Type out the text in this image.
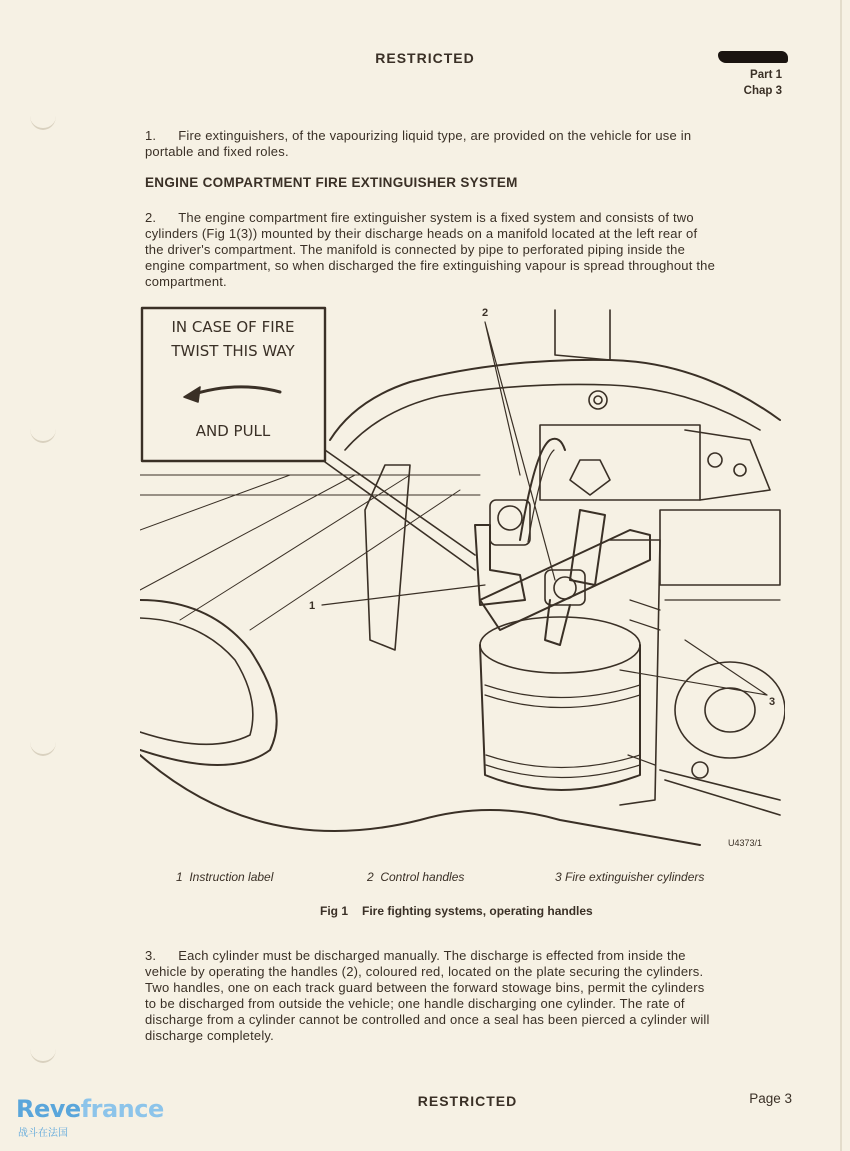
RESTRICTED
Part 1
Chap 3
1. Fire extinguishers, of the vapourizing liquid type, are provided on the vehicle for use in
portable and fixed roles.
ENGINE COMPARTMENT FIRE EXTINGUISHER SYSTEM
2. The engine compartment fire extinguisher system is a fixed system and consists of two
cylinders (Fig 1(3)) mounted by their discharge heads on a manifold located at the left rear of
the driver's compartment. The manifold is connected by pipe to perforated piping inside the
engine compartment, so when discharged the fire extinguishing vapour is spread throughout the
compartment.
IN CASE OF FIRE
TWIST THIS WAY
AND PULL
2
1
3
U4373/1
1
Instruction label	2
Control handles	3
Fire extinguisher cylinders
Fig 1 Fire fighting systems, operating handles
3. Each cylinder must be discharged manually. The discharge is effected from inside the
vehicle by operating the handles (2), coloured red, located on the plate securing the cylinders.
Two handles, one on each track guard between the forward stowage bins, permit the cylinders
to be discharged from outside the vehicle; one handle discharging one cylinder. The rate of
discharge from a cylinder cannot be controlled and once a seal has been pierced a cylinder will
discharge completely.
RESTRICTED	Page 3
Revefrance
战斗在法国
